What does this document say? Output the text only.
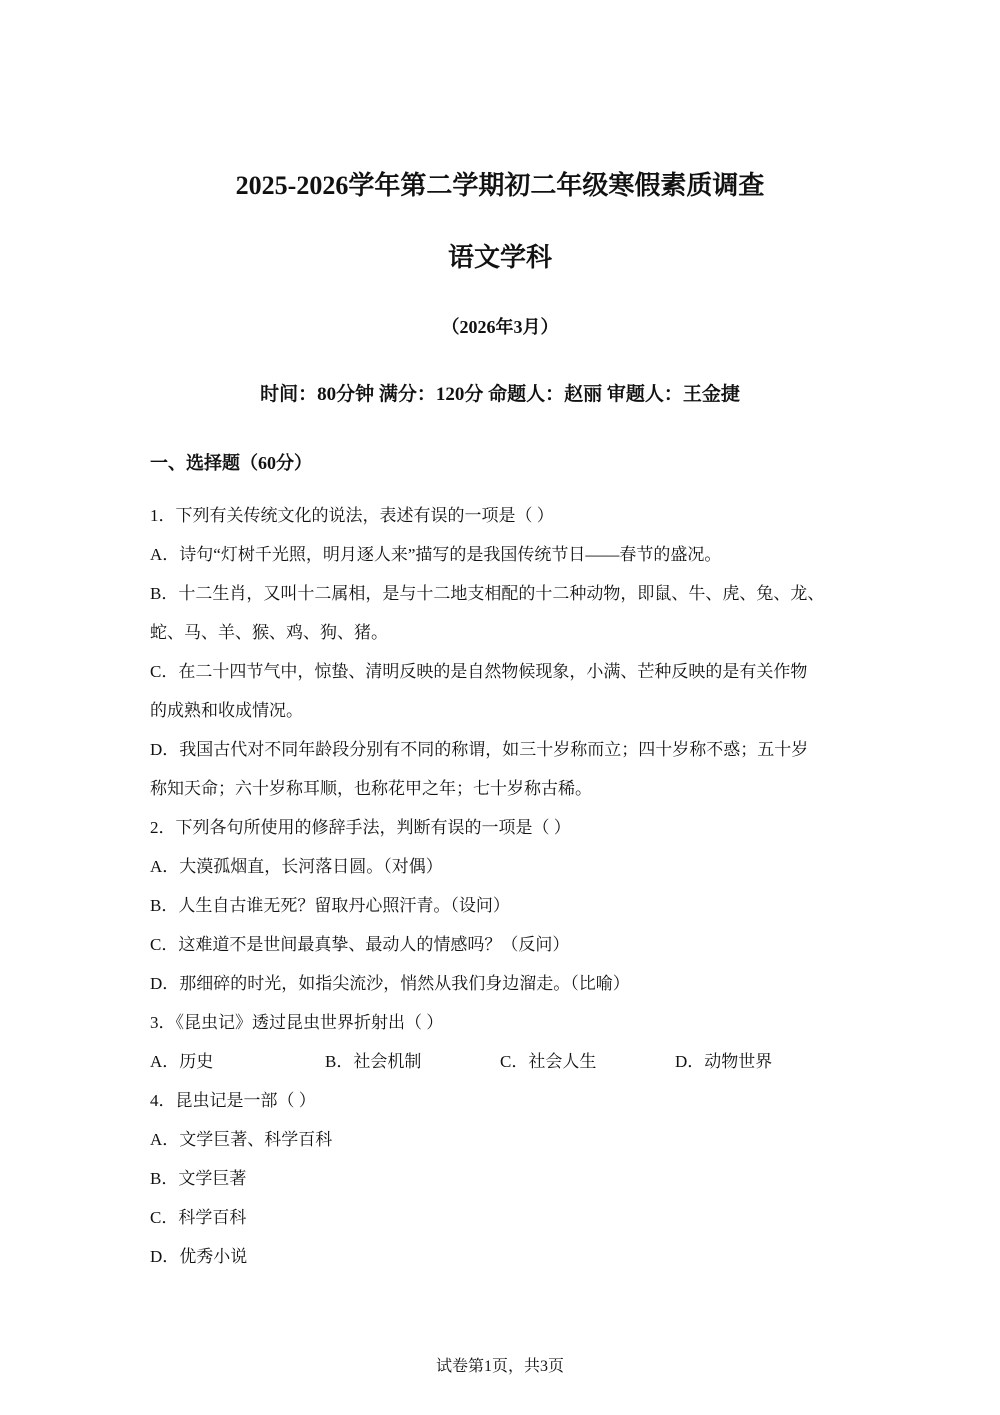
2025-2026学年第二学期初二年级寒假素质调查
语文学科
（2026年3月）
时间：80分钟 满分：120分 命题人：赵丽 审题人：王金捷
一、选择题（60分）
1．下列有关传统文化的说法，表述有误的一项是（ ）
A．诗句“灯树千光照，明月逐人来”描写的是我国传统节日——春节的盛况。
B．十二生肖，又叫十二属相，是与十二地支相配的十二种动物，即鼠、牛、虎、兔、龙、
蛇、马、羊、猴、鸡、狗、猪。
C．在二十四节气中，惊蛰、清明反映的是自然物候现象，小满、芒种反映的是有关作物
的成熟和收成情况。
D．我国古代对不同年龄段分别有不同的称谓，如三十岁称而立；四十岁称不惑；五十岁
称知天命；六十岁称耳顺，也称花甲之年；七十岁称古稀。
2．下列各句所使用的修辞手法，判断有误的一项是（ ）
A．大漠孤烟直，长河落日圆。（对偶）
B．人生自古谁无死？留取丹心照汗青。（设问）
C．这难道不是世间最真挚、最动人的情感吗？（反问）
D．那细碎的时光，如指尖流沙，悄然从我们身边溜走。（比喻）
3．《昆虫记》透过昆虫世界折射出（ ）
A．历史	B．社会机制	C．社会人生	D．动物世界
4．昆虫记是一部（ ）
A．文学巨著、科学百科
B．文学巨著
C．科学百科
D．优秀小说
试卷第1页，共3页
